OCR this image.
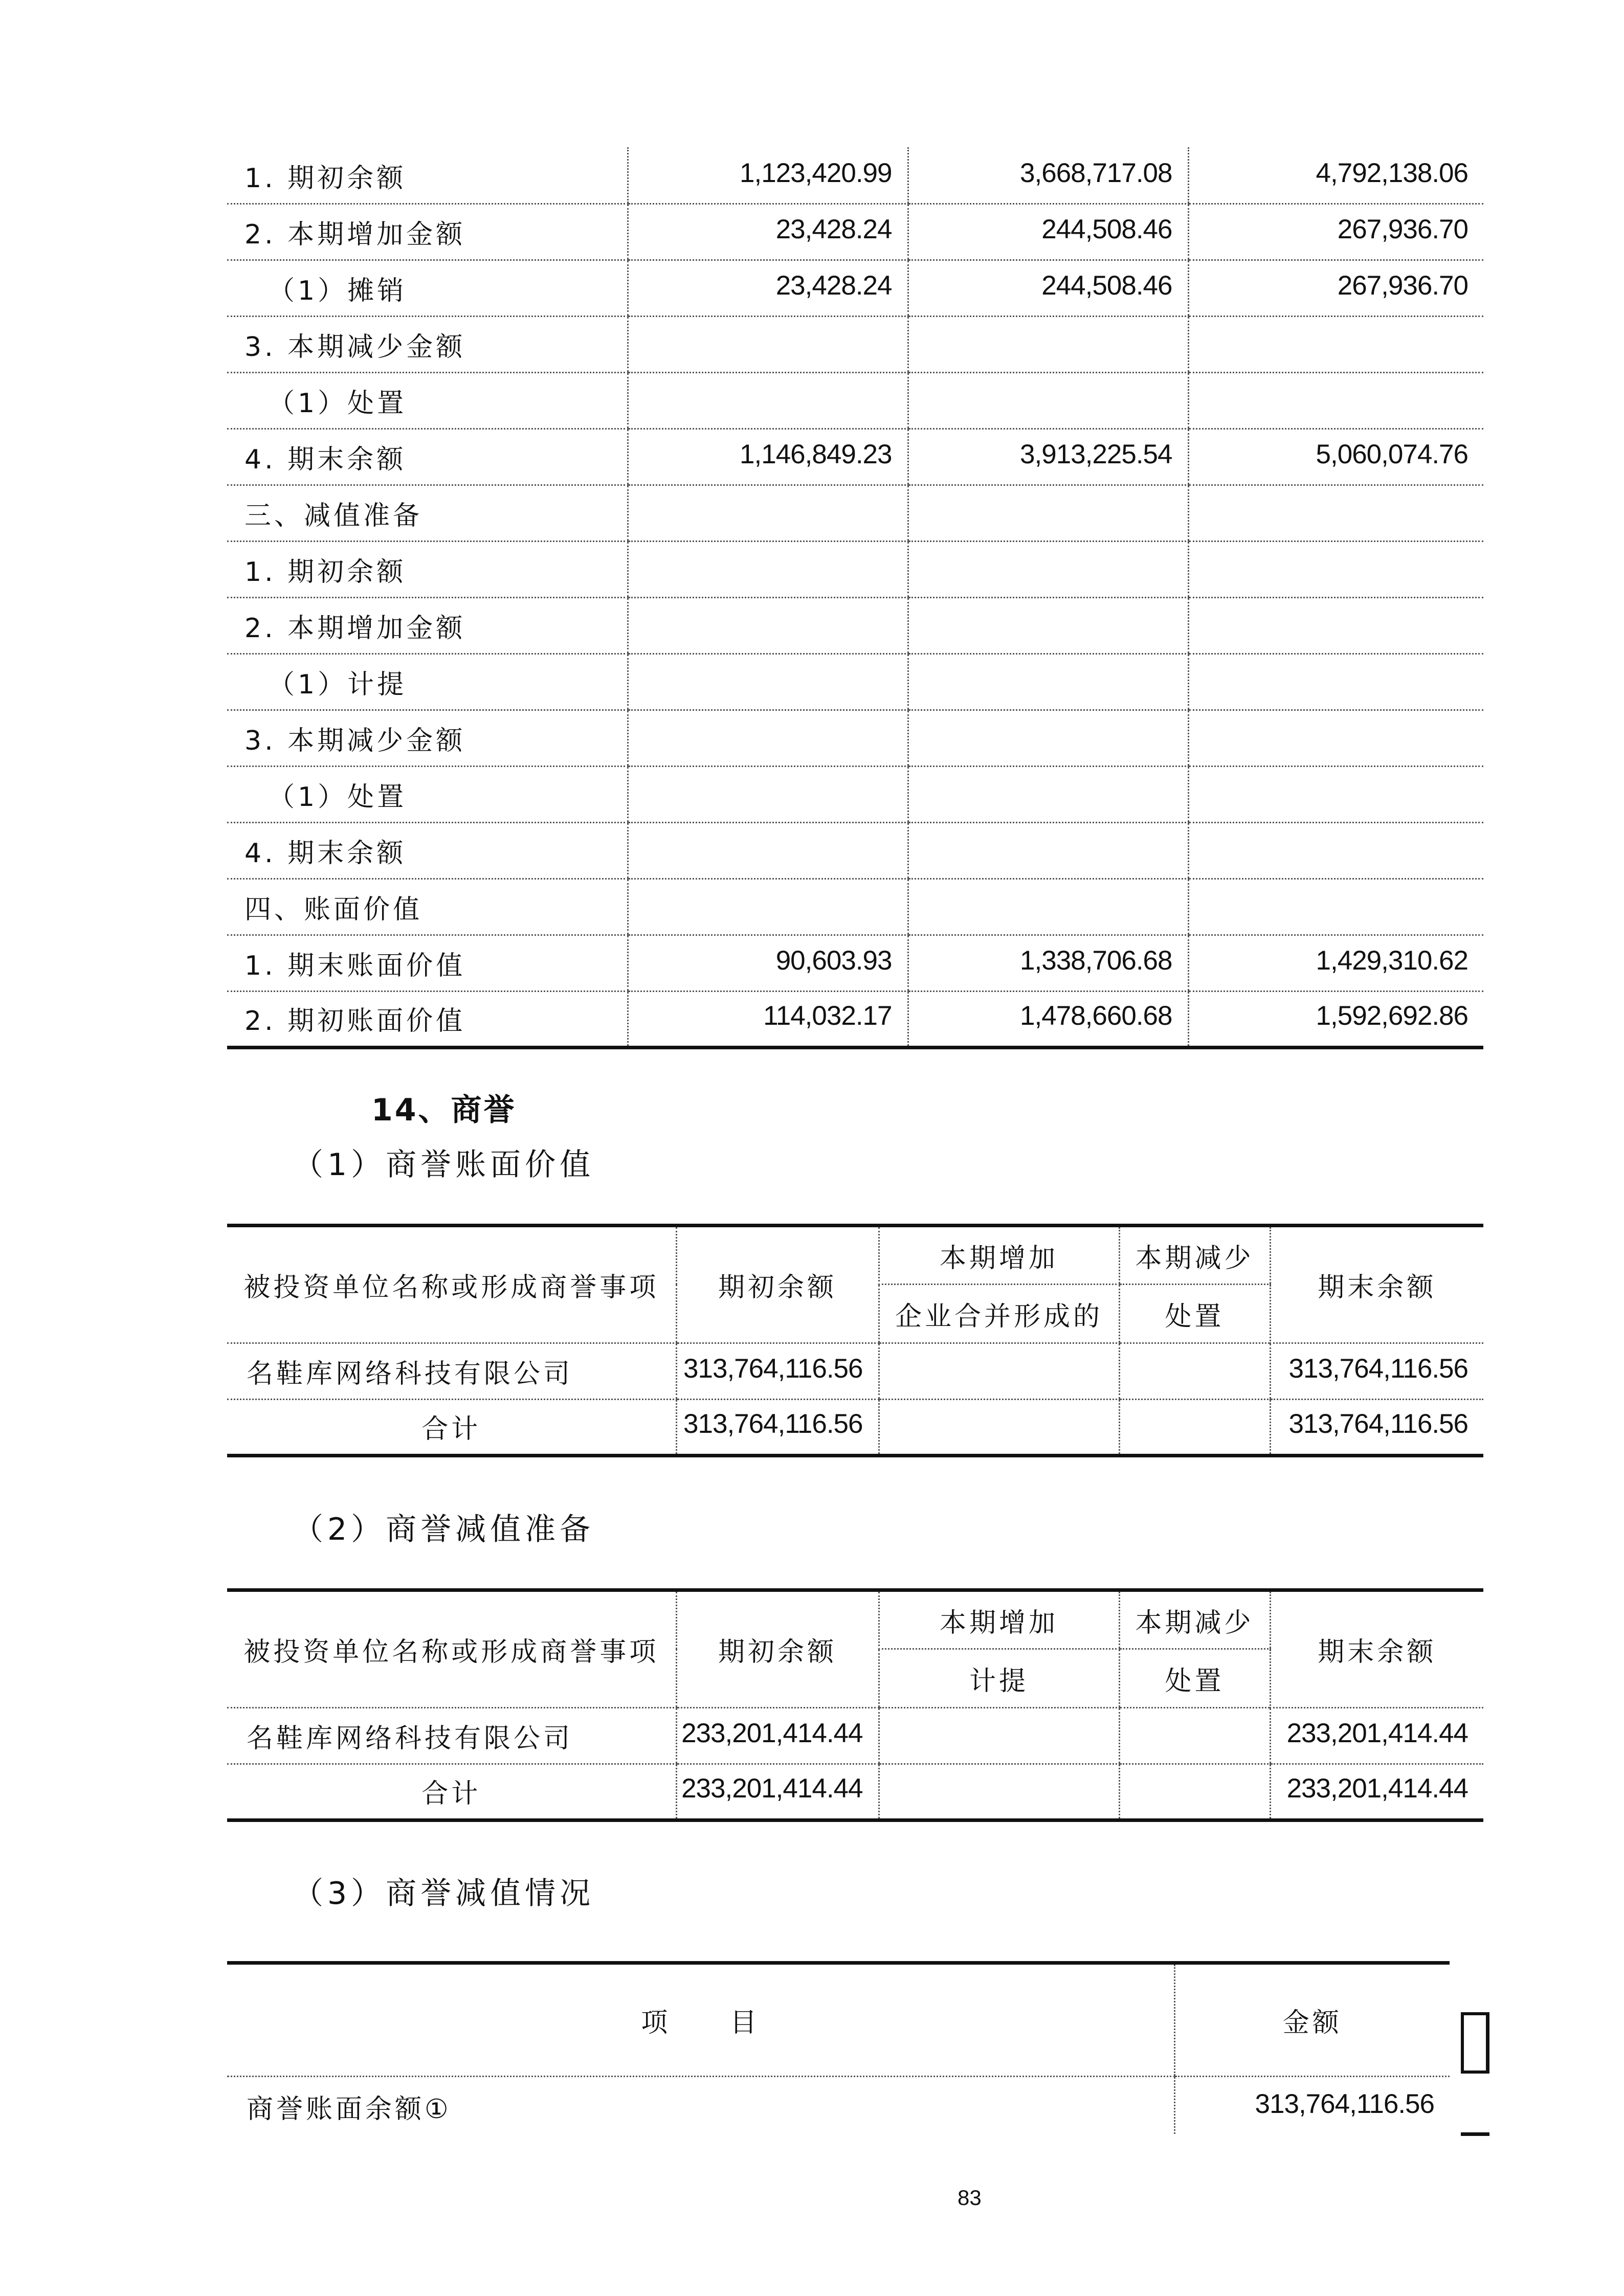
1. 期初余额	1,123,420.99	3,668,717.08	4,792,138.06
2. 本期增加金额	23,428.24	244,508.46	267,936.70
（1）摊销	23,428.24	244,508.46	267,936.70
3. 本期减少金额			
（1）处置			
4. 期末余额	1,146,849.23	3,913,225.54	5,060,074.76
三、减值准备			
1. 期初余额			
2. 本期增加金额			
（1）计提			
3. 本期减少金额			
（1）处置			
4. 期末余额			
四、账面价值			
1. 期末账面价值	90,603.93	1,338,706.68	1,429,310.62
2. 期初账面价值	114,032.17	1,478,660.68	1,592,692.86
14、商誉
（1）商誉账面价值
被投资单位名称或形成商誉事项	期初余额	本期增加	本期减少	期末余额
		企业合并形成的	处置	
名鞋库网络科技有限公司	313,764,116.56			313,764,116.56
合计	313,764,116.56			313,764,116.56
（2）商誉减值准备
被投资单位名称或形成商誉事项	期初余额	本期增加	本期减少	期末余额
		计提	处置	
名鞋库网络科技有限公司	233,201,414.44			233,201,414.44
合计	233,201,414.44			233,201,414.44
（3）商誉减值情况
项　　目	金额
商誉账面余额①	313,764,116.56
83
